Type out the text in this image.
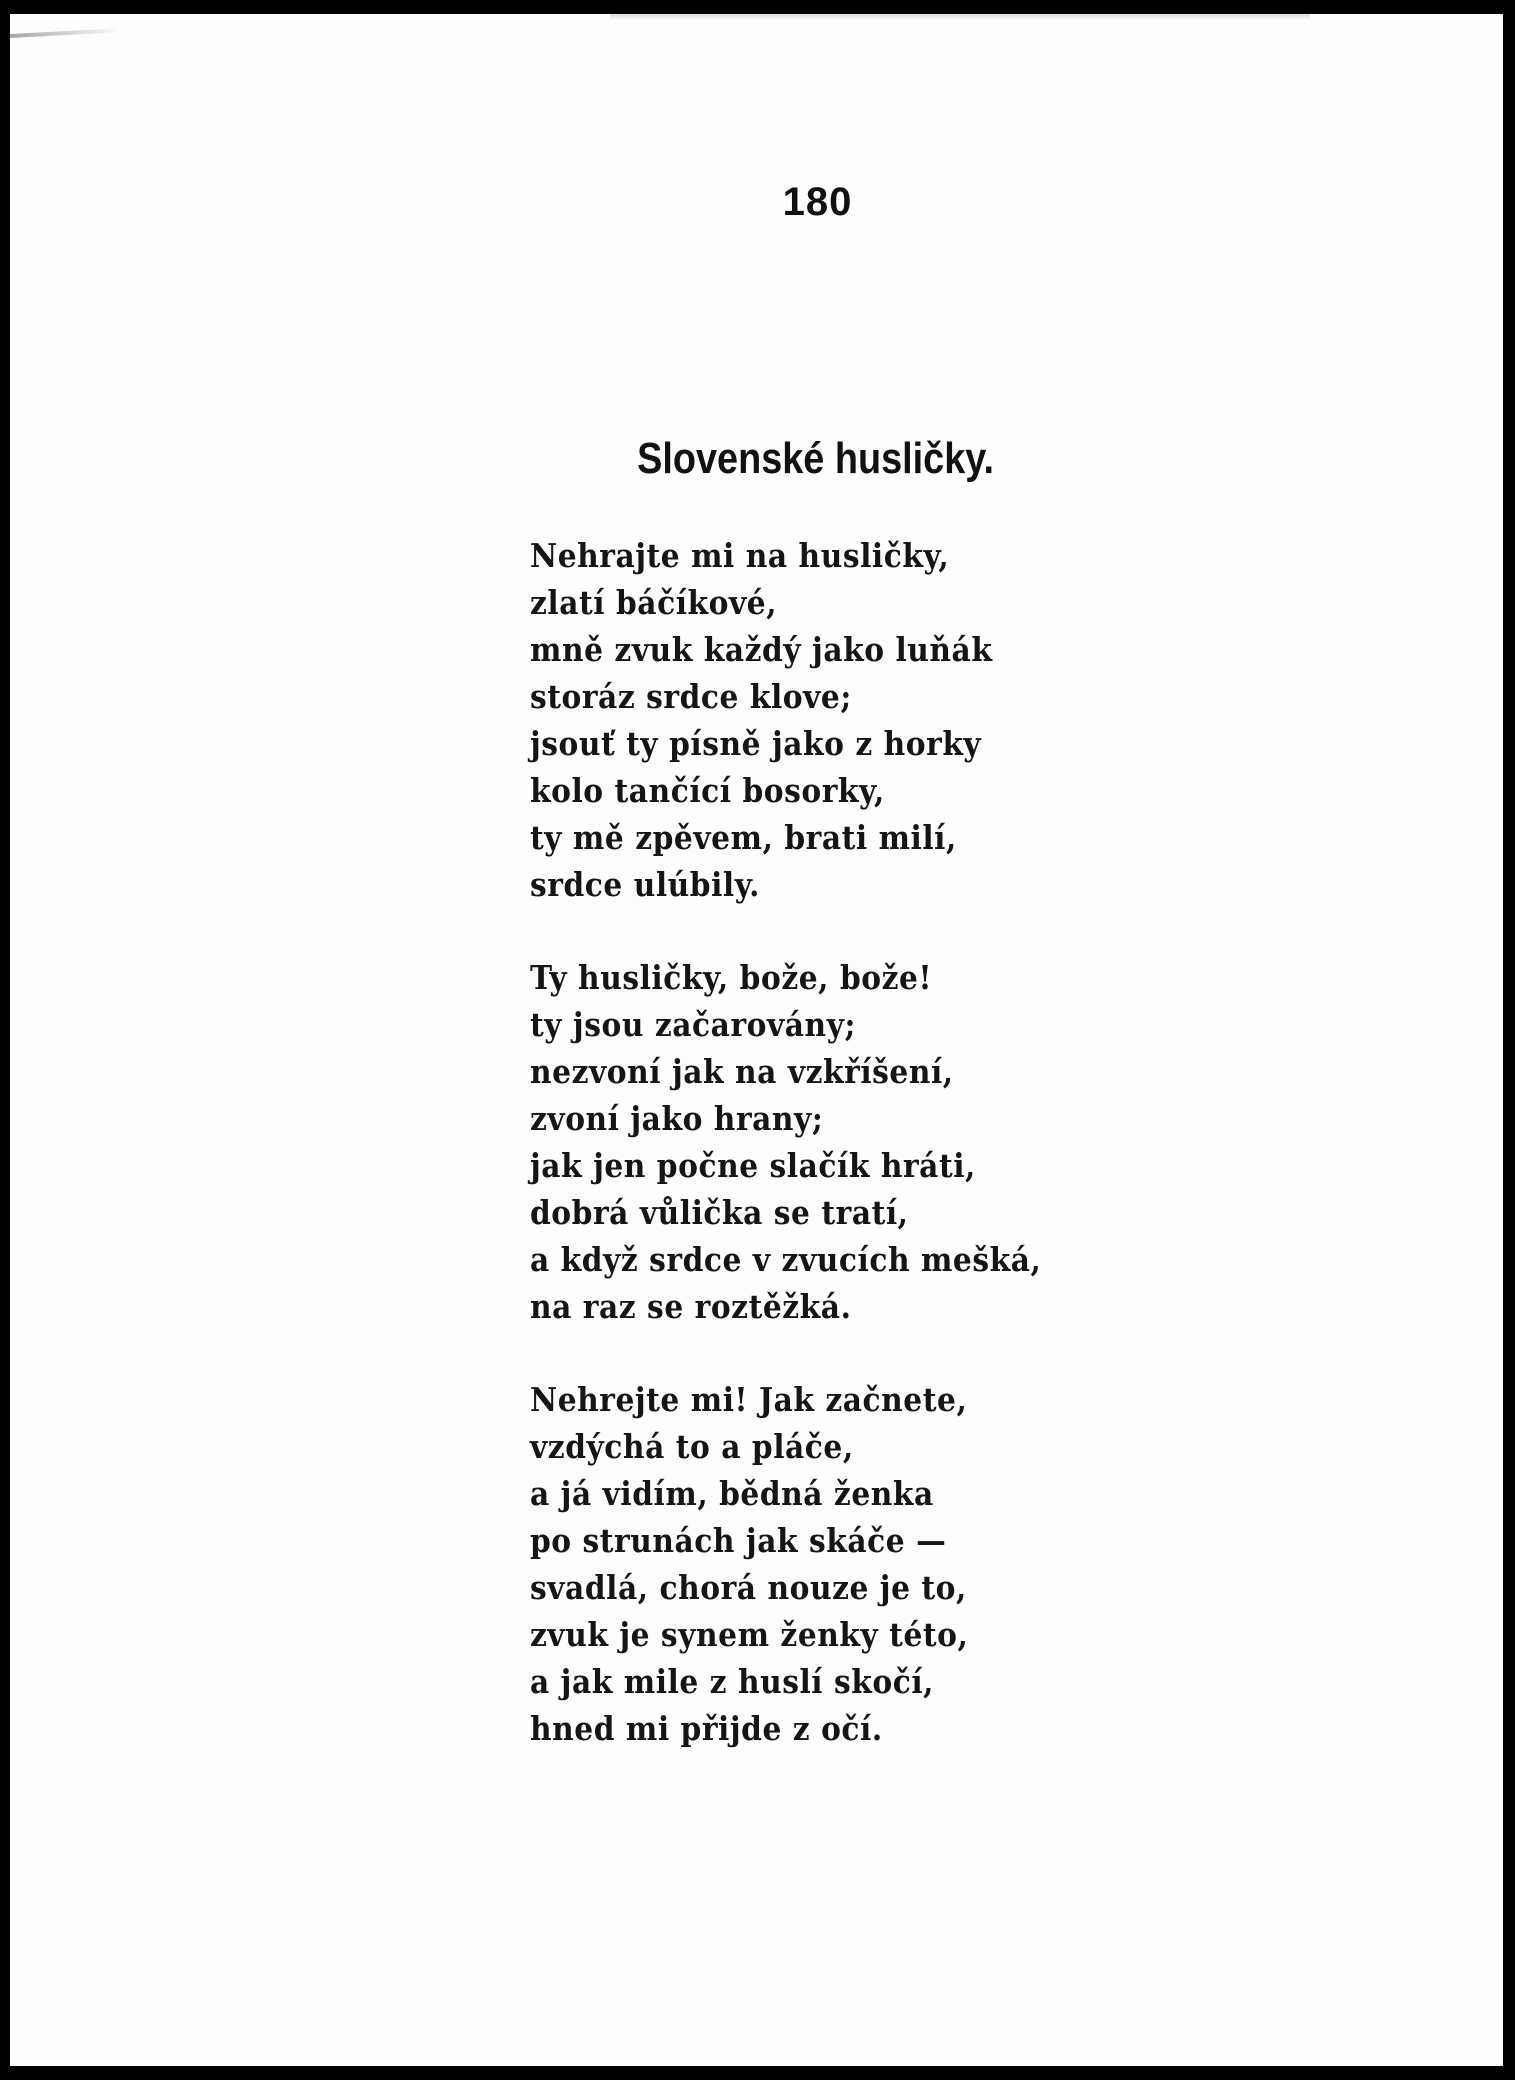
180

Slovenské husličky.
Nehrajte mi na husličky,
zlatí báčíkové,
mně zvuk každý jako luňák
storáz srdce klove;
jsouť ty písně jako z horky
kolo tančící bosorky,
ty mě zpěvem, brati milí,
srdce ulúbily.
Ty husličky, bože, bože!
ty jsou začarovány;
nezvoní jak na vzkříšení,
zvoní jako hrany;
jak jen počne slačík hráti,
dobrá vůlička se tratí,
a když srdce v zvucích mešká,
na raz se roztěžká.
Nehrejte mi! Jak začnete,
vzdýchá to a pláče,
a já vidím, bědná ženka
po strunách jak skáče —
svadlá, chorá nouze je to,
zvuk je synem ženky této,
a jak mile z huslí skočí,
hned mi přijde z očí.
